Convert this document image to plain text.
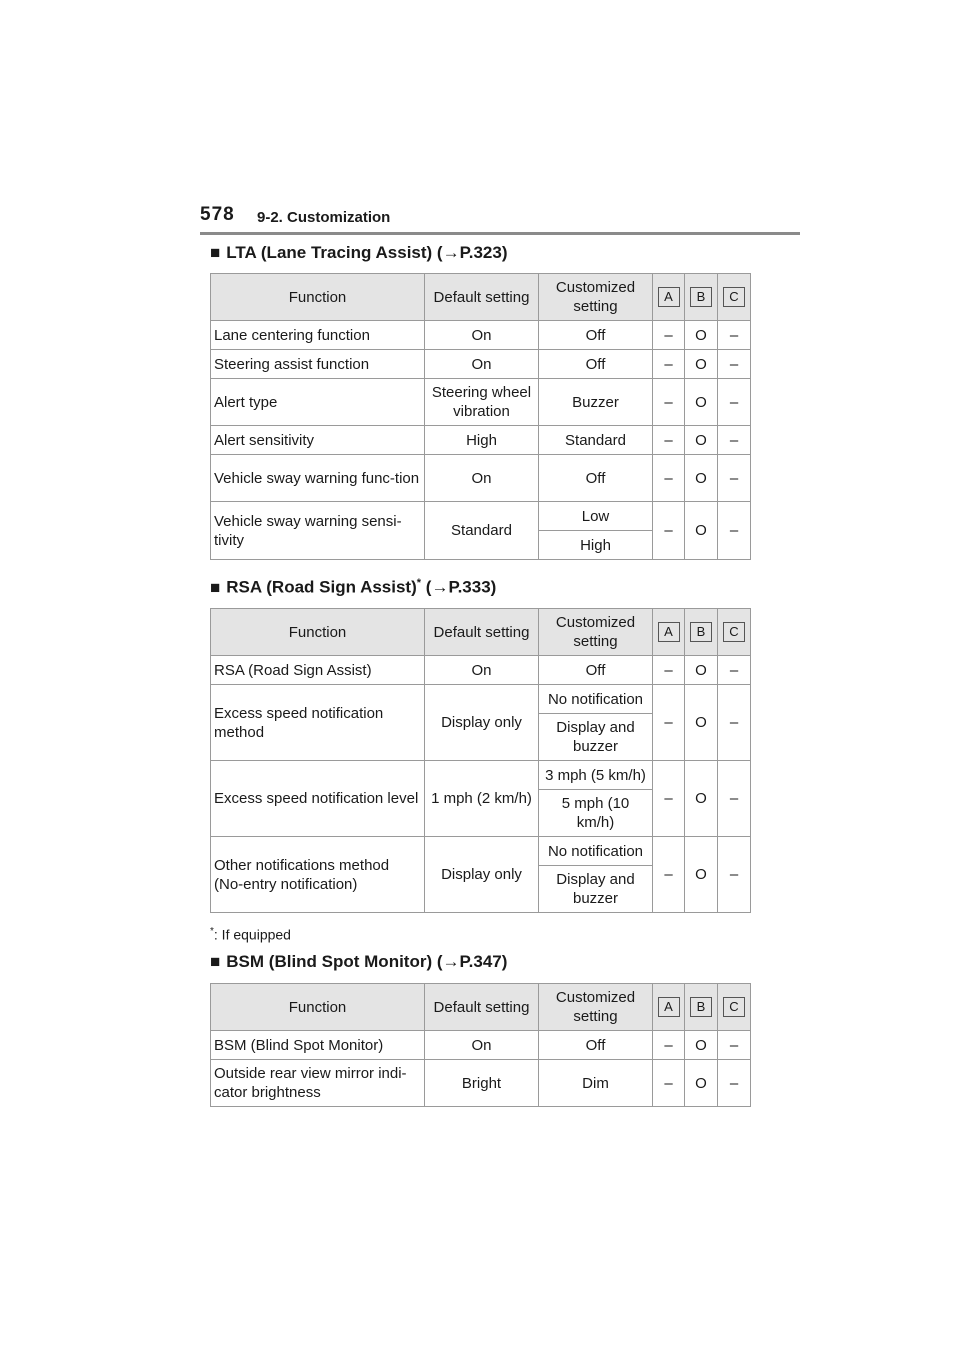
578 9-2. Customization
■ LTA (Lane Tracing Assist) (→P.323)
Function	Default setting	Customized setting	A	B	C
Lane centering function	On	Off	–	O	–
Steering assist function	On	Off	–	O	–
Alert type	Steering wheel vibration	Buzzer	–	O	–
Alert sensitivity	High	Standard	–	O	–
Vehicle sway warning func-tion	On	Off	–	O	–
Vehicle sway warning sensi-tivity	Standard	Low	–	O	–
		High			
■ RSA (Road Sign Assist)* (→P.333)
Function	Default setting	Customized setting	A	B	C
RSA (Road Sign Assist)	On	Off	–	O	–
Excess speed notification method	Display only	No notification	–	O	–
		Display and buzzer			
Excess speed notification level	1 mph (2 km/h)	3 mph (5 km/h)	–	O	–
		5 mph (10 km/h)			
Other notifications method (No-entry notification)	Display only	No notification	–	O	–
		Display and buzzer			
*: If equipped
■ BSM (Blind Spot Monitor) (→P.347)
Function	Default setting	Customized setting	A	B	C
BSM (Blind Spot Monitor)	On	Off	–	O	–
Outside rear view mirror indi-cator brightness	Bright	Dim	–	O	–
